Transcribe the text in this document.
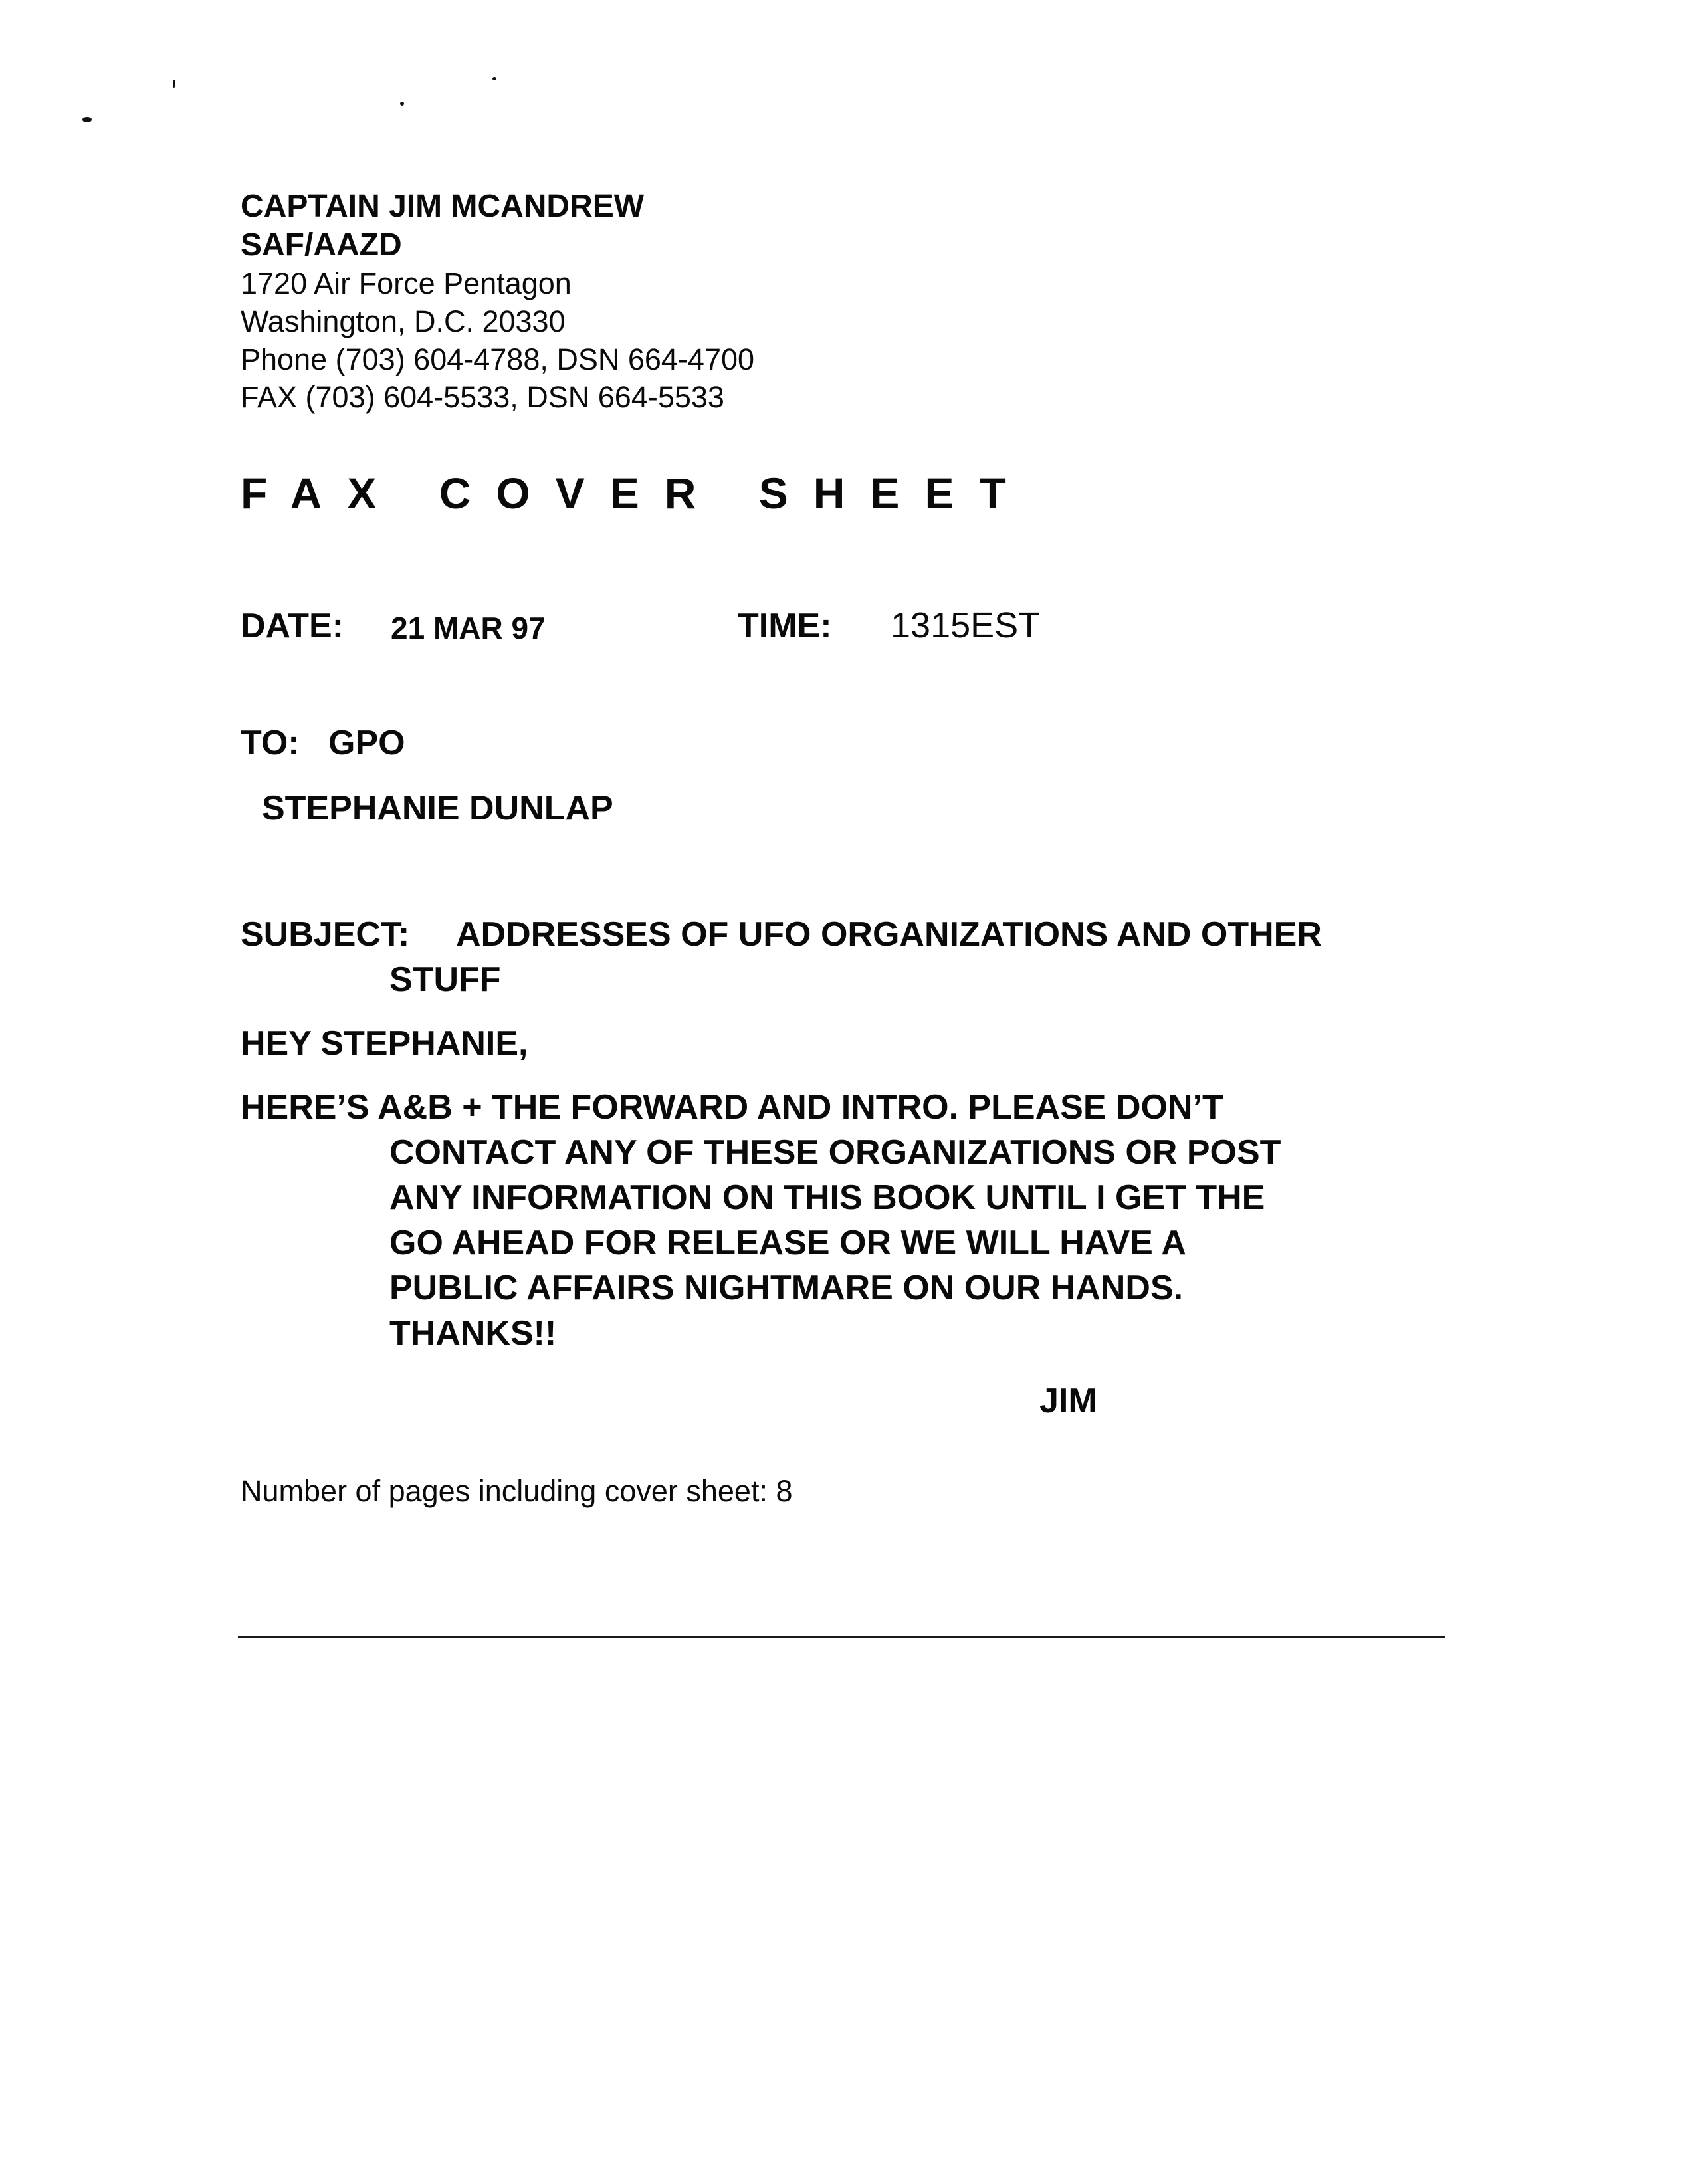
CAPTAIN JIM MCANDREW
SAF/AAZD
1720 Air Force Pentagon
Washington, D.C. 20330
Phone (703) 604-4788, DSN 664-4700
FAX (703) 604-5533, DSN 664-5533
FAX COVER SHEET
DATE: 21 MAR 97	TIME: 1315EST
TO: GPO
STEPHANIE DUNLAP
SUBJECT: ADDRESSES OF UFO ORGANIZATIONS AND OTHER
STUFF
HEY STEPHANIE,
HERE’S A&B + THE FORWARD AND INTRO. PLEASE DON’T
CONTACT ANY OF THESE ORGANIZATIONS OR POST
ANY INFORMATION ON THIS BOOK UNTIL I GET THE
GO AHEAD FOR RELEASE OR WE WILL HAVE A
PUBLIC AFFAIRS NIGHTMARE ON OUR HANDS.
THANKS!!
JIM
Number of pages including cover sheet: 8
